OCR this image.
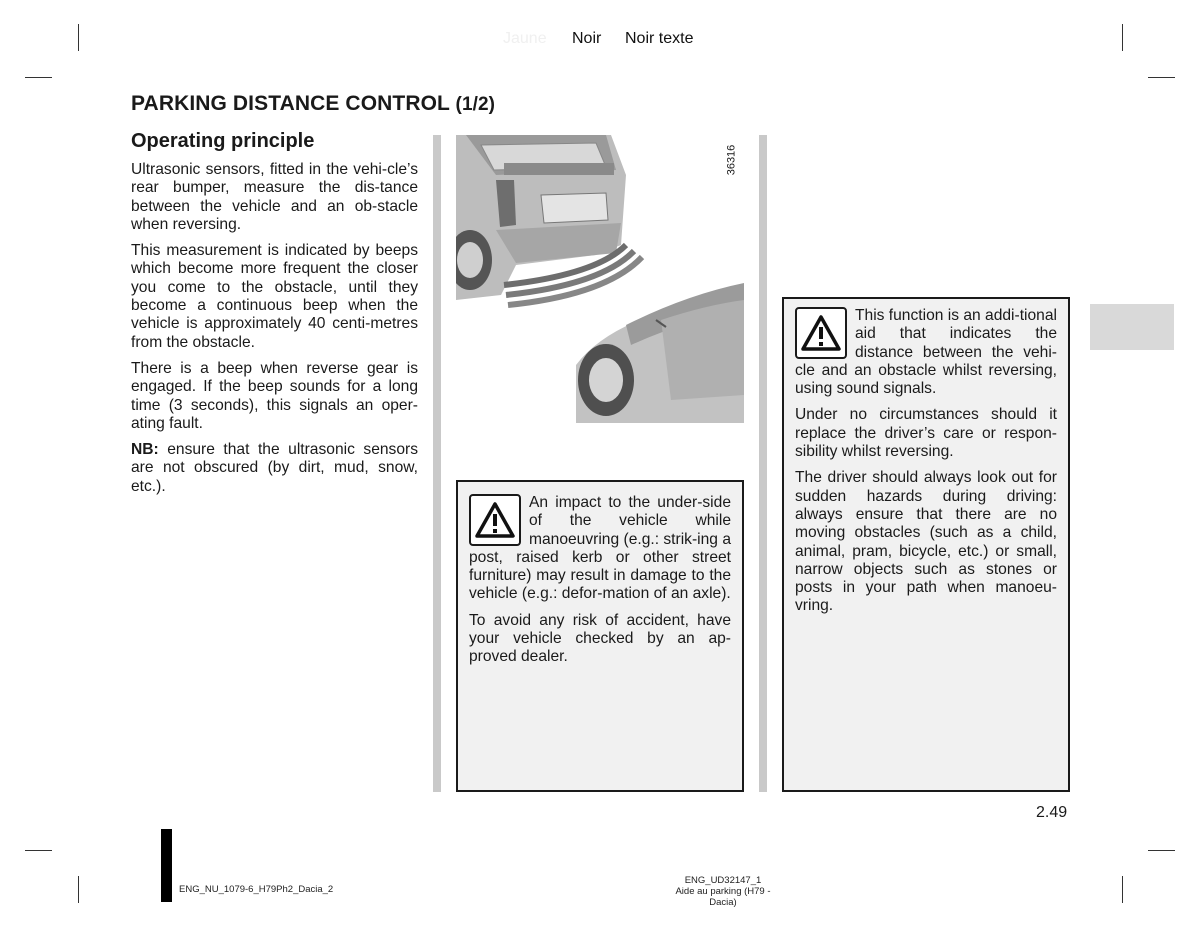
Jaune Noir Noir texte
PARKING DISTANCE CONTROL (1/2)
Operating principle

Ultrasonic sensors, fitted in the vehi-cle’s rear bumper, measure the dis-tance between the vehicle and an ob-stacle when reversing.

This measurement is indicated by beeps which become more frequent the closer you come to the obstacle, until they become a continuous beep when the vehicle is approximately 40 centi-metres from the obstacle.

There is a beep when reverse gear is engaged. If the beep sounds for a long time (3 seconds), this signals an oper-ating fault.

NB: ensure that the ultrasonic sensors are not obscured (by dirt, mud, snow, etc.).

36316

An impact to the under-side of the vehicle while manoeuvring (e.g.: strik-ing a post, raised kerb or other street furniture) may result in damage to the vehicle (e.g.: defor-mation of an axle).

To avoid any risk of accident, have your vehicle checked by an ap-proved dealer.

This function is an addi-tional aid that indicates the distance between the vehi-cle and an obstacle whilst reversing, using sound signals.

Under no circumstances should it replace the driver’s care or respon-sibility whilst reversing.

The driver should always look out for sudden hazards during driving: always ensure that there are no moving obstacles (such as a child, animal, pram, bicycle, etc.) or small, narrow objects such as stones or posts in your path when manoeu-vring.

2.49
ENG_NU_1079-6_H79Ph2_Dacia_2
ENG_UD32147_1
Aide au parking (H79 - Dacia)
